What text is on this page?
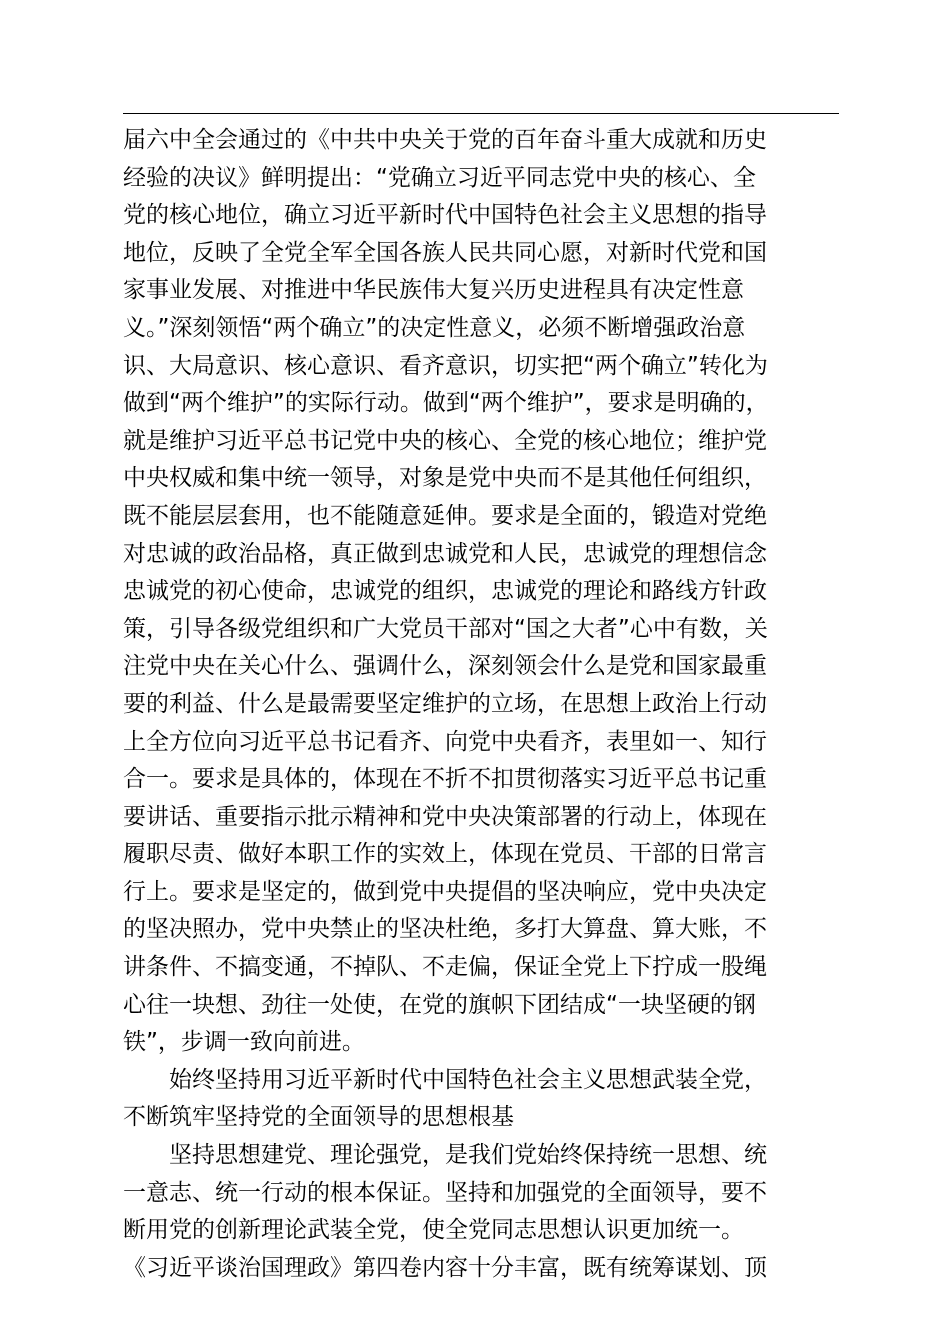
届六中全会通过的《中共中央关于党的百年奋斗重大成就和历史
经验的决议》鲜明提出：“党确立习近平同志党中央的核心、全
党的核心地位，确立习近平新时代中国特色社会主义思想的指导
地位，反映了全党全军全国各族人民共同心愿，对新时代党和国
家事业发展、对推进中华民族伟大复兴历史进程具有决定性意
义。”深刻领悟“两个确立”的决定性意义，必须不断增强政治意
识、大局意识、核心意识、看齐意识，切实把“两个确立”转化为
做到“两个维护”的实际行动。做到“两个维护”，要求是明确的，
就是维护习近平总书记党中央的核心、全党的核心地位；维护党
中央权威和集中统一领导，对象是党中央而不是其他任何组织，
既不能层层套用，也不能随意延伸。要求是全面的，锻造对党绝
对忠诚的政治品格，真正做到忠诚党和人民，忠诚党的理想信念
忠诚党的初心使命，忠诚党的组织，忠诚党的理论和路线方针政
策，引导各级党组织和广大党员干部对“国之大者”心中有数，关
注党中央在关心什么、强调什么，深刻领会什么是党和国家最重
要的利益、什么是最需要坚定维护的立场，在思想上政治上行动
上全方位向习近平总书记看齐、向党中央看齐，表里如一、知行
合一。要求是具体的，体现在不折不扣贯彻落实习近平总书记重
要讲话、重要指示批示精神和党中央决策部署的行动上，体现在
履职尽责、做好本职工作的实效上，体现在党员、干部的日常言
行上。要求是坚定的，做到党中央提倡的坚决响应，党中央决定
的坚决照办，党中央禁止的坚决杜绝，多打大算盘、算大账，不
讲条件、不搞变通，不掉队、不走偏，保证全党上下拧成一股绳
心往一块想、劲往一处使，在党的旗帜下团结成“一块坚硬的钢
铁”，步调一致向前进。
　　始终坚持用习近平新时代中国特色社会主义思想武装全党，
不断筑牢坚持党的全面领导的思想根基
　　坚持思想建党、理论强党，是我们党始终保持统一思想、统
一意志、统一行动的根本保证。坚持和加强党的全面领导，要不
断用党的创新理论武装全党，使全党同志思想认识更加统一。
《习近平谈治国理政》第四卷内容十分丰富，既有统筹谋划、顶
